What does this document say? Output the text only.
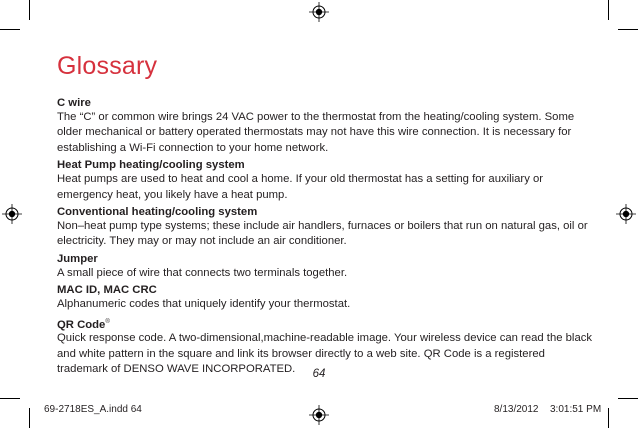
Glossary

C wire

The “C” or common wire brings 24 VAC power to the thermostat from the heating/cooling system. Some older mechanical or battery operated thermostats may not have this wire connection. It is necessary for establishing a Wi-Fi connection to your home network.

Heat Pump heating/cooling system

Heat pumps are used to heat and cool a home. If your old thermostat has a setting for auxiliary or emergency heat, you likely have a heat pump.

Conventional heating/cooling system

Non–heat pump type systems; these include air handlers, furnaces or boilers that run on natural gas, oil or electricity. They may or may not include an air conditioner.

Jumper

A small piece of wire that connects two terminals together.

MAC ID, MAC CRC

Alphanumeric codes that uniquely identify your thermostat.

QR Code®

Quick response code. A two-dimensional,machine-readable image. Your wireless device can read the black and white pattern in the square and link its browser directly to a web site. QR Code is a registered trademark of DENSO WAVE INCORPORATED.	64
69-2718ES_A.indd 64	8/13/2012 3:01:51 PM
